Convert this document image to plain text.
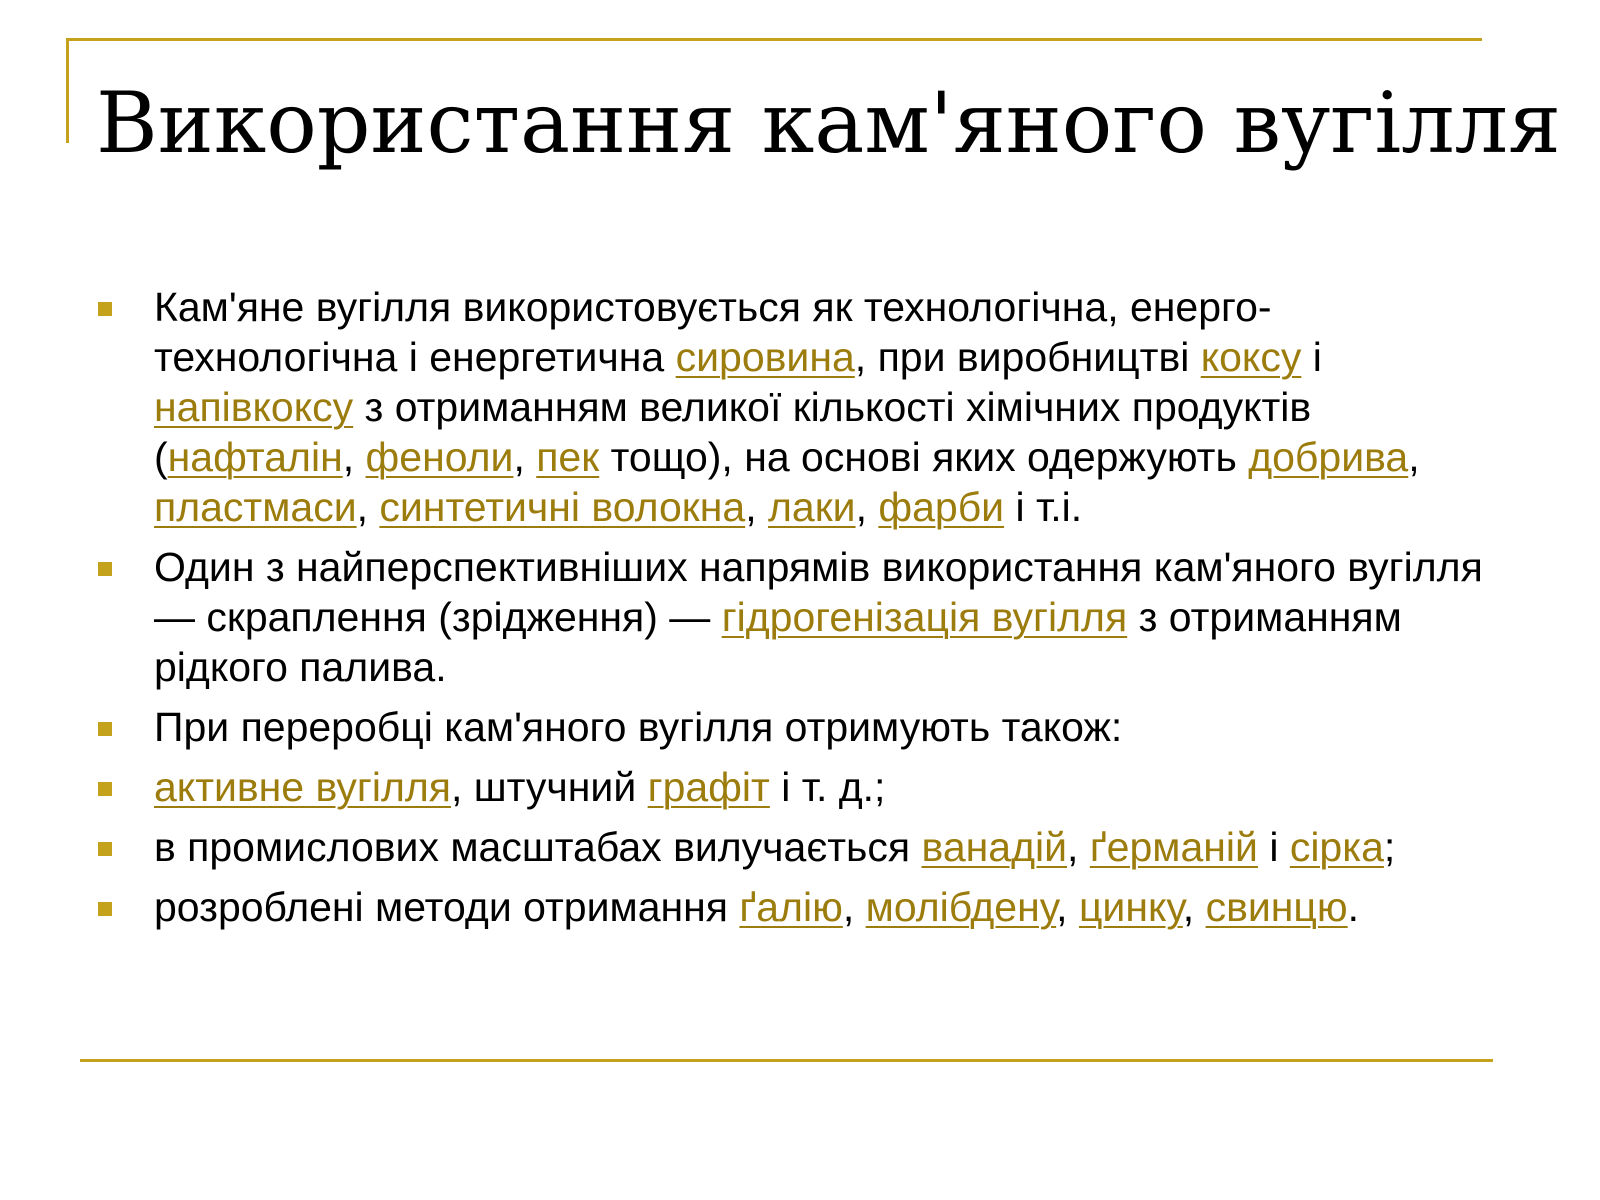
Використання кам'яного вугілля
Кам'яне вугілля використовується як технологічна, енерго-технологічна і енергетична сировина, при виробництві коксу і напівкоксу з отриманням великої кількості хімічних продуктів (нафталін, феноли, пек тощо), на основі яких одержують добрива, пластмаси, синтетичні волокна, лаки, фарби і т.і.
Один з найперспективніших напрямів використання кам'яного вугілля — скраплення (зрідження) — гідрогенізація вугілля з отриманням рідкого палива.
При переробці кам'яного вугілля отримують також:
активне вугілля, штучний графіт і т. д.;
в промислових масштабах вилучається ванадій, ґерманій і сірка;
розроблені методи отримання ґалію, молібдену, цинку, свинцю.
